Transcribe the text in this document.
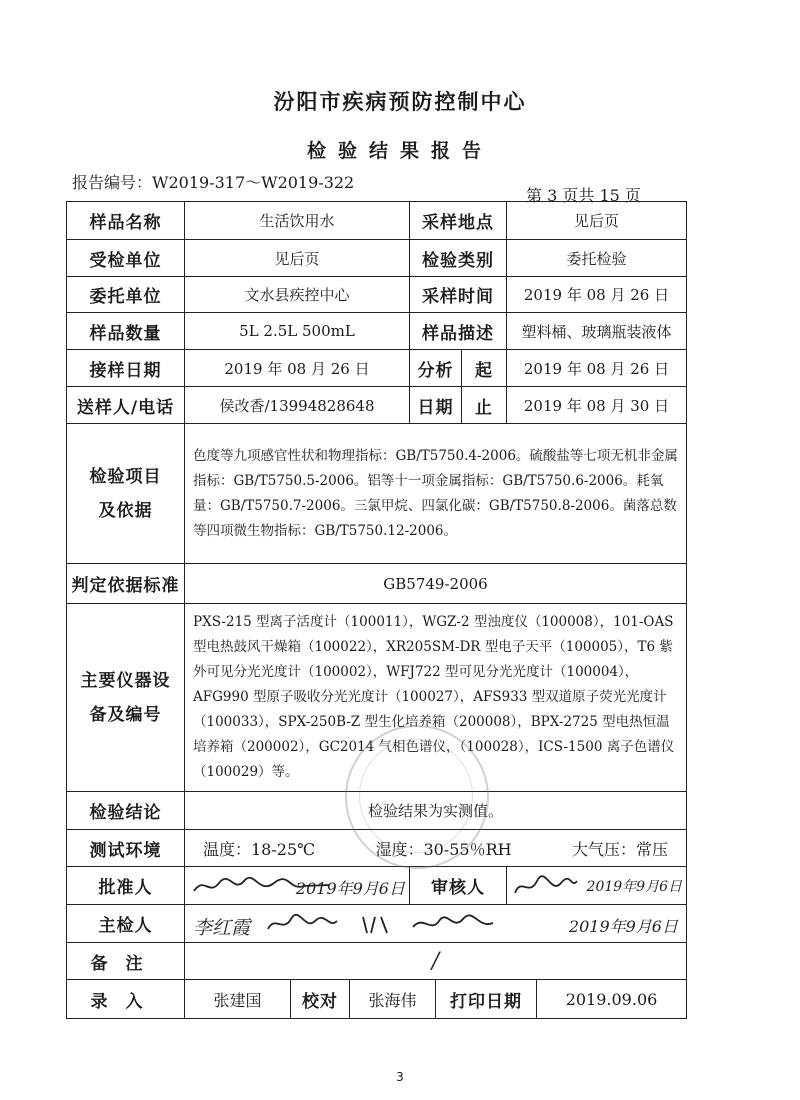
汾阳市疾病预防控制中心
检验结果报告
报告编号：W2019-317～W2019-322
第 3 页共 15 页
样品名称	生活饮用水	采样地点		见后页
受检单位	见后页	检验类别		委托检验
委托单位	文水县疾控中心	采样时间		2019 年 08 月 26 日
样品数量	5L 2.5L 500mL	样品描述		塑料桶、玻璃瓶装液体
接样日期	2019 年 08 月 26 日	分析	起	2019 年 08 月 26 日
送样人/电话	侯改香/13994828648	日期	止	2019 年 08 月 30 日

检验项目
及依据	色度等九项感官性状和物理指标：GB/T5750.4-2006。硫酸盐等七项无机非金属指标：GB/T5750.5-2006。铝等十一项金属指标：GB/T5750.6-2006。耗氧量：GB/T5750.7-2006。三氯甲烷、四氯化碳：GB/T5750.8-2006。菌落总数等四项微生物指标：GB/T5750.12-2006。			
判定依据标准	GB5749-2006			

主要仪器设
备及编号	PXS-215 型离子活度计（100011），WGZ-2 型浊度仪（100008），101-OAS 型电热鼓风干燥箱（100022），XR205SM-DR 型电子天平（100005），T6 紫外可见分光光度计（100002），WFJ722 型可见分光光度计（100004），AFG990 型原子吸收分光光度计（100027），AFS933 型双道原子荧光光度计（100033），SPX-250B-Z 型生化培养箱（200008），BPX-2725 型电热恒温培养箱（200002），GC2014 气相色谱仪，（100028），ICS-1500 离子色谱仪（100029）等。			
检验结论	检验结果为实测值。			
测试环境	温度：18-25℃ 湿度：30-55％RH 大气压：常压			

批准人	2019年9月6日	审核人		2019年9月6日

主检人	李红霞 2019年9月6日			

备注	/			
录入	张建国 校对 张海伟 打印日期 2019.09.06			
3
